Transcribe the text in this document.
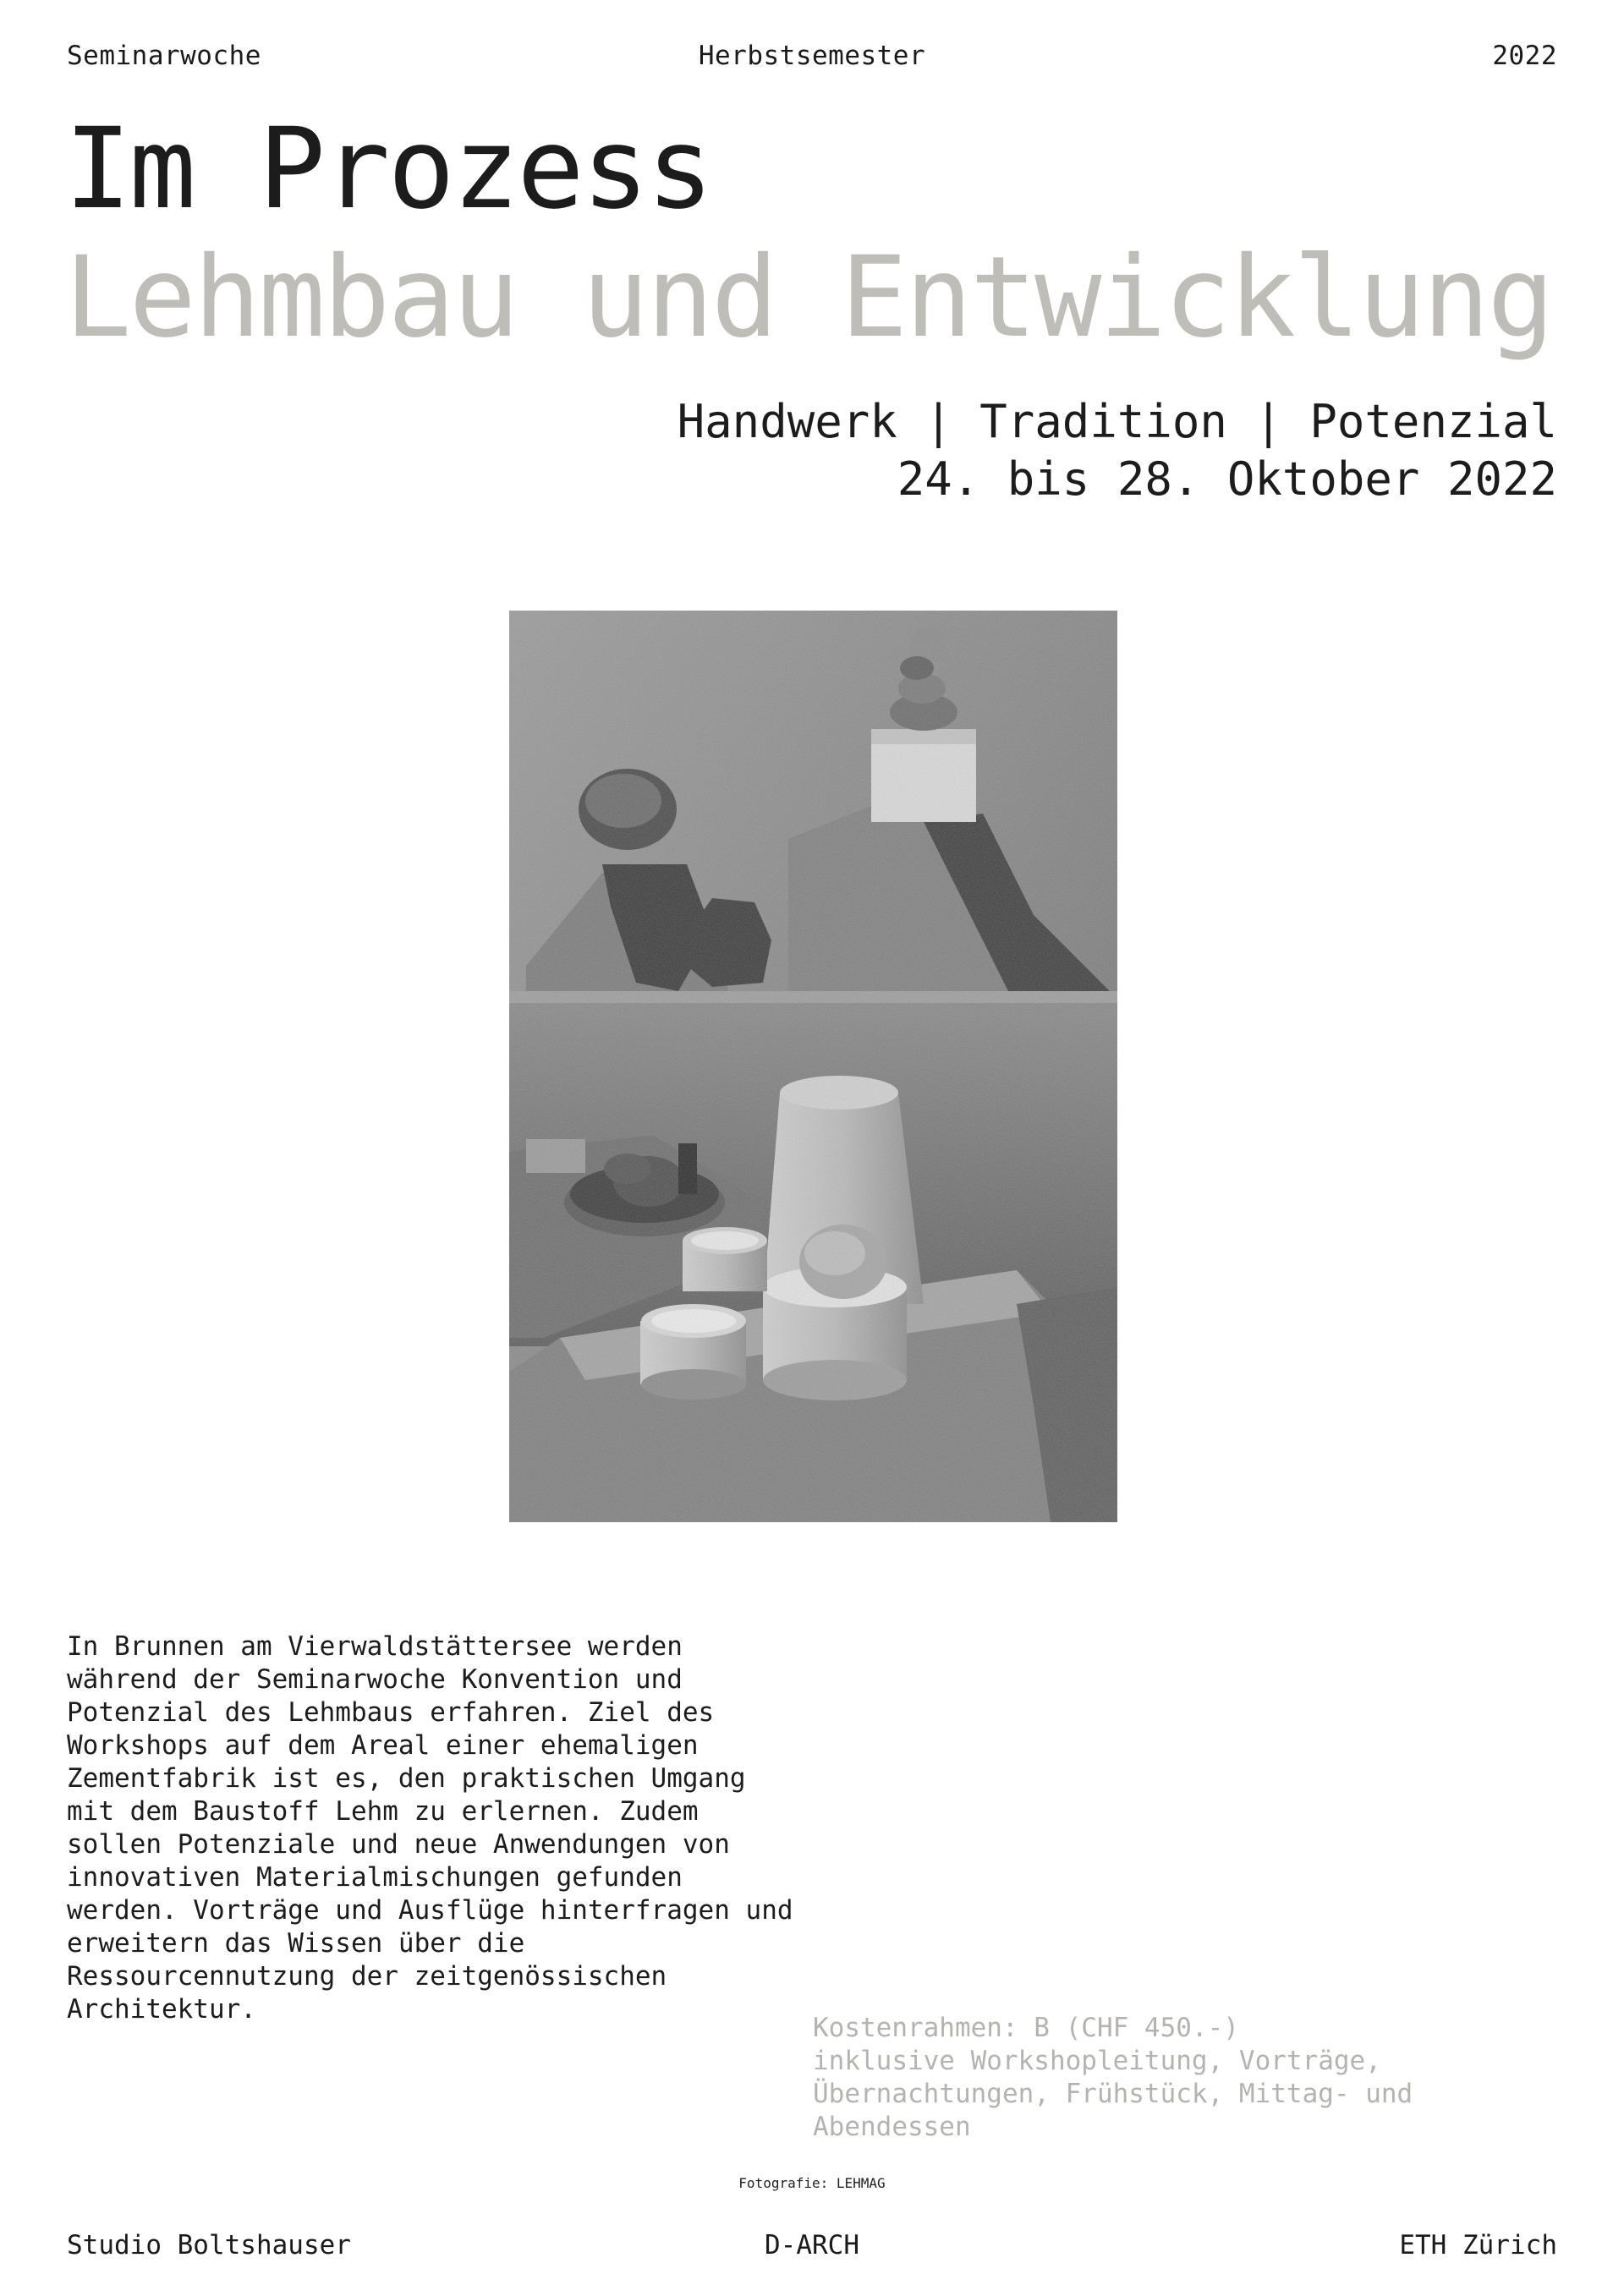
Seminarwoche	Herbstsemester	2022
Im Prozess
Lehmbau und Entwicklung
Handwerk | Tradition | Potenzial
24. bis 28. Oktober 2022
In Brunnen am Vierwaldstättersee werden
während der Seminarwoche Konvention und
Potenzial des Lehmbaus erfahren. Ziel des
Workshops auf dem Areal einer ehemaligen
Zementfabrik ist es, den praktischen Umgang
mit dem Baustoff Lehm zu erlernen. Zudem
sollen Potenziale und neue Anwendungen von
innovativen Materialmischungen gefunden
werden. Vorträge und Ausflüge hinterfragen und
erweitern das Wissen über die
Ressourcennutzung der zeitgenössischen
Architektur.
Kostenrahmen: B (CHF 450.-)
inklusive Workshopleitung, Vorträge,
Übernachtungen, Frühstück, Mittag- und
Abendessen
Fotografie: LEHMAG
Studio Boltshauser	D-ARCH	ETH Zürich
